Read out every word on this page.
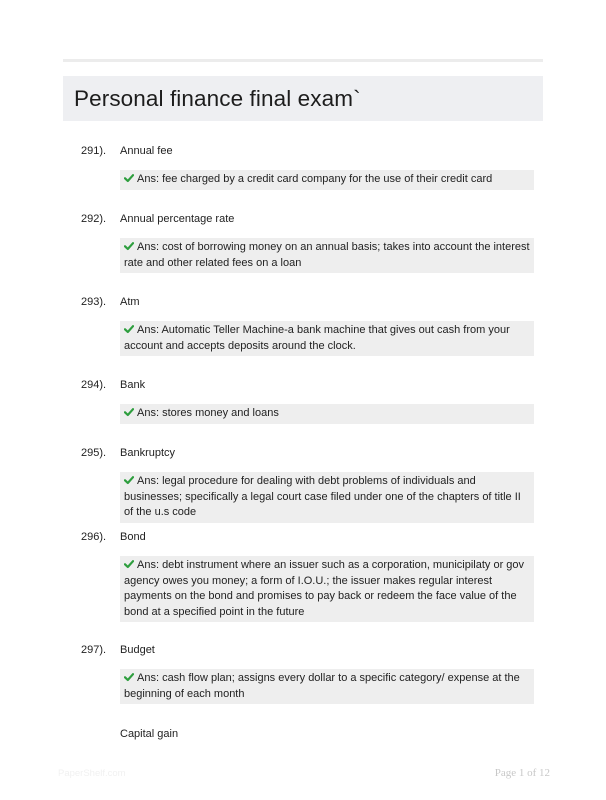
Personal finance final exam`
291). Annual fee
Ans: fee charged by a credit card company for the use of their credit card
292). Annual percentage rate
Ans: cost of borrowing money on an annual basis; takes into account the interest rate and other related fees on a loan
293). Atm
Ans: Automatic Teller Machine-a bank machine that gives out cash from your account and accepts deposits around the clock.
294). Bank
Ans: stores money and loans
295). Bankruptcy
Ans: legal procedure for dealing with debt problems of individuals and businesses; specifically a legal court case filed under one of the chapters of title II of the u.s code
296). Bond
Ans: debt instrument where an issuer such as a corporation, municipilaty or gov agency owes you money; a form of I.O.U.; the issuer makes regular interest payments on the bond and promises to pay back or redeem the face value of the bond at a specified point in the future
297). Budget
Ans: cash flow plan; assigns every dollar to a specific category/ expense at the beginning of each month
Capital gain
PaperShelf.com	Page 1 of 12
